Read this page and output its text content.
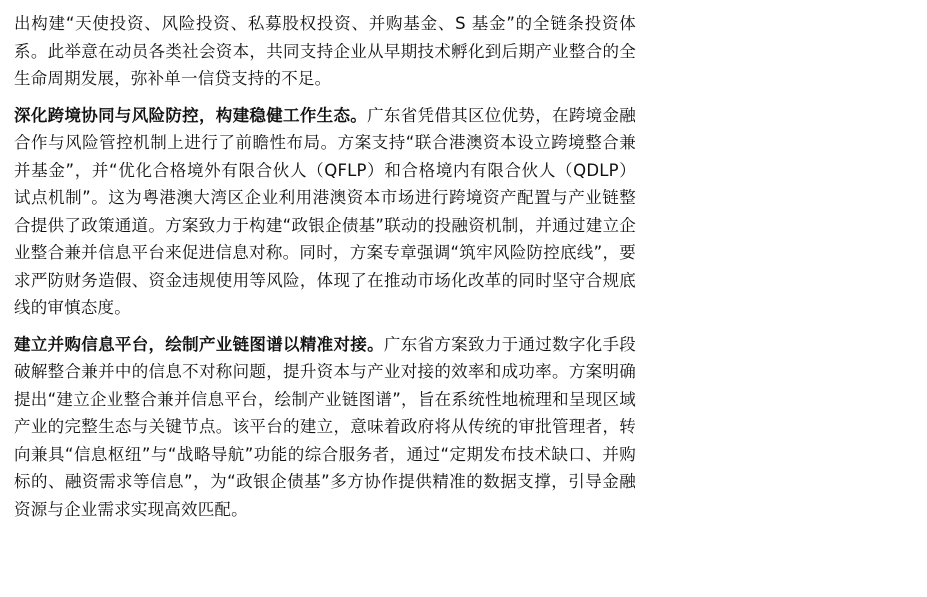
出构建“天使投资、风险投资、私募股权投资、并购基金、S 基金”的全链条投资体系。此举意在动员各类社会资本，共同支持企业从早期技术孵化到后期产业整合的全生命周期发展，弥补单一信贷支持的不足。

深化跨境协同与风险防控，构建稳健工作生态。广东省凭借其区位优势，在跨境金融合作与风险管控机制上进行了前瞻性布局。方案支持“联合港澳资本设立跨境整合兼并基金”，并“优化合格境外有限合伙人（QFLP）和合格境内有限合伙人（QDLP）试点机制”。这为粤港澳大湾区企业利用港澳资本市场进行跨境资产配置与产业链整合提供了政策通道。方案致力于构建“政银企债基”联动的投融资机制，并通过建立企业整合兼并信息平台来促进信息对称。同时，方案专章强调“筑牢风险防控底线”，要求严防财务造假、资金违规使用等风险，体现了在推动市场化改革的同时坚守合规底线的审慎态度。

建立并购信息平台，绘制产业链图谱以精准对接。广东省方案致力于通过数字化手段破解整合兼并中的信息不对称问题，提升资本与产业对接的效率和成功率。方案明确提出“建立企业整合兼并信息平台，绘制产业链图谱”，旨在系统性地梳理和呈现区域产业的完整生态与关键节点。该平台的建立，意味着政府将从传统的审批管理者，转向兼具“信息枢纽”与“战略导航”功能的综合服务者，通过“定期发布技术缺口、并购标的、融资需求等信息”，为“政银企债基”多方协作提供精准的数据支撑，引导金融资源与企业需求实现高效匹配。
